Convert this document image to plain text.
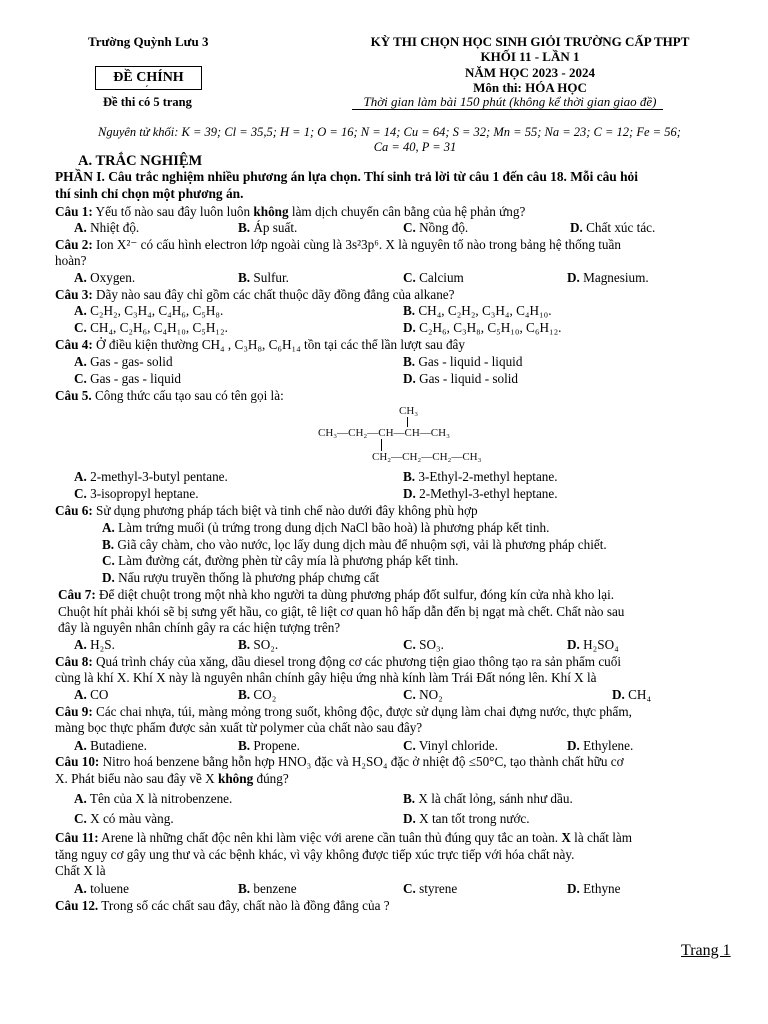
Trường Quỳnh Lưu 3
ĐỀ CHÍNH
´
Đề thi có 5 trang
KỲ THI CHỌN HỌC SINH GIỎI TRƯỜNG CẤP THPT
KHỐI 11 - LẦN 1
NĂM HỌC 2023 - 2024
Môn thi: HÓA HỌC
Thời gian làm bài 150 phút (không kể thời gian giao đề)
Nguyên tử khối: K = 39; Cl = 35,5; H = 1; O = 16; N = 14; Cu = 64; S = 32; Mn = 55; Na = 23; C = 12; Fe = 56;
Ca = 40, P = 31
A. TRẮC NGHIỆM
PHẦN I. Câu trắc nghiệm nhiều phương án lựa chọn. Thí sinh trả lời từ câu 1 đến câu 18. Mỗi câu hỏi
thí sinh chỉ chọn một phương án.
Câu 1: Yếu tố nào sau đây luôn luôn không làm dịch chuyển cân bằng của hệ phản ứng?
A. Nhiệt độ.	B. Áp suất.	C. Nồng độ.	D. Chất xúc tác.
Câu 2: Ion X²⁻ có cấu hình electron lớp ngoài cùng là 3s²3p⁶. X là nguyên tố nào trong bảng hệ thống tuần
hoàn?
A. Oxygen.	B. Sulfur.	C. Calcium	D. Magnesium.
Câu 3: Dãy nào sau đây chỉ gồm các chất thuộc dãy đồng đẳng của alkane?
A. C₂H₂, C₃H₄, C₄H₆, C₅H₈.	B. CH₄, C₂H₂, C₃H₄, C₄H₁₀.
C. CH₄, C₂H₆, C₄H₁₀, C₅H₁₂.	D. C₂H₆, C₃H₈, C₅H₁₀, C₆H₁₂.
Câu 4: Ở điều kiện thường CH₄ , C₃H₈, C₆H₁₄ tồn tại các thể lần lượt sau đây
A. Gas - gas- solid	B. Gas - liquid - liquid
C. Gas - gas - liquid	D. Gas - liquid - solid
Câu 5. Công thức cấu tạo sau có tên gọi là:
CH₃
CH₃—CH₂—CH—CH—CH₃
CH₂—CH₂—CH₂—CH₃
A. 2-methyl-3-butyl pentane.	B. 3-Ethyl-2-methyl heptane.
C. 3-isopropyl heptane.	D. 2-Methyl-3-ethyl heptane.
Câu 6: Sử dụng phương pháp tách biệt và tinh chế nào dưới đây không phù hợp
A. Làm trứng muối (ủ trứng trong dung dịch NaCl bão hoà) là phương pháp kết tinh.
B. Giã cây chàm, cho vào nước, lọc lấy dung dịch màu để nhuộm sợi, vải là phương pháp chiết.
C. Làm đường cát, đường phèn từ cây mía là phương pháp kết tinh.
D. Nấu rượu truyền thống là phương pháp chưng cất
Câu 7: Để diệt chuột trong một nhà kho người ta dùng phương pháp đốt sulfur, đóng kín cửa nhà kho lại.
Chuột hít phải khói sẽ bị sưng yết hầu, co giật, tê liệt cơ quan hô hấp dẫn đến bị ngạt mà chết. Chất nào sau
đây là nguyên nhân chính gây ra các hiện tượng trên?
A. H₂S.	B. SO₂.	C. SO₃.	D. H₂SO₄
Câu 8: Quá trình cháy của xăng, dầu diesel trong động cơ các phương tiện giao thông tạo ra sản phẩm cuối
cùng là khí X. Khí X này là nguyên nhân chính gây hiệu ứng nhà kính làm Trái Đất nóng lên. Khí X là
A. CO	B. CO₂	C. NO₂	D. CH₄
Câu 9: Các chai nhựa, túi, màng mỏng trong suốt, không độc, được sử dụng làm chai đựng nước, thực phẩm,
màng bọc thực phẩm được sản xuất từ polymer của chất nào sau đây?
A. Butadiene.	B. Propene.	C. Vinyl chloride.	D. Ethylene.
Câu 10: Nitro hoá benzene bằng hỗn hợp HNO₃ đặc và H₂SO₄ đặc ở nhiệt độ ≤50°C, tạo thành chất hữu cơ
X. Phát biểu nào sau đây về X không đúng?
A. Tên của X là nitrobenzene.	B. X là chất lỏng, sánh như dầu.
C. X có màu vàng.	D. X tan tốt trong nước.
Câu 11: Arene là những chất độc nên khi làm việc với arene cần tuân thủ đúng quy tắc an toàn. X là chất làm
tăng nguy cơ gây ung thư và các bệnh khác, vì vậy không được tiếp xúc trực tiếp với hóa chất này.
Chất X là
A. toluene	B. benzene	C. styrene	D. Ethyne
Câu 12. Trong số các chất sau đây, chất nào là đồng đẳng của ?
Trang 1
